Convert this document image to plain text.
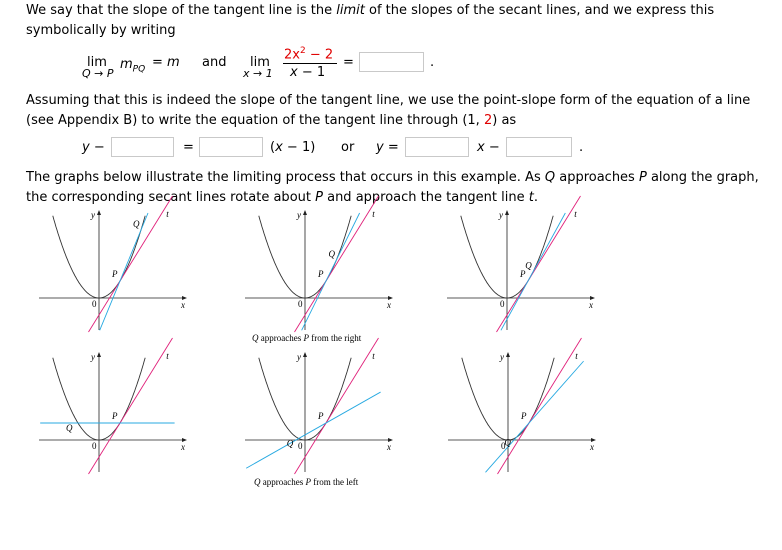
We say that the slope of the tangent line is the limit of the slopes of the secant lines, and we express this
symbolically by writing
lim
Q → P
$m_{PQ} = m$ and lim
x → 1
$2x^2 - 2$
x − 1
=	.
Assuming that this is indeed the slope of the tangent line, we use the point-slope form of the equation of a line
(see Appendix B) to write the equation of the tangent line through (1, 2) as
y −	=	(x − 1) or y =	x −	.
The graphs below illustrate the limiting process that occurs in this example. As Q approaches P along the graph,
the corresponding secant lines rotate about P and approach the tangent line t.
x
y
0
P
Q
t
x
y
0
P
Q
t
x
y
0
P
Q
t
x
y
0
P
Q
t
x
y
0
P
Q
t
x
y
0
P
Q
t
Q approaches P from the right
Q approaches P from the left
